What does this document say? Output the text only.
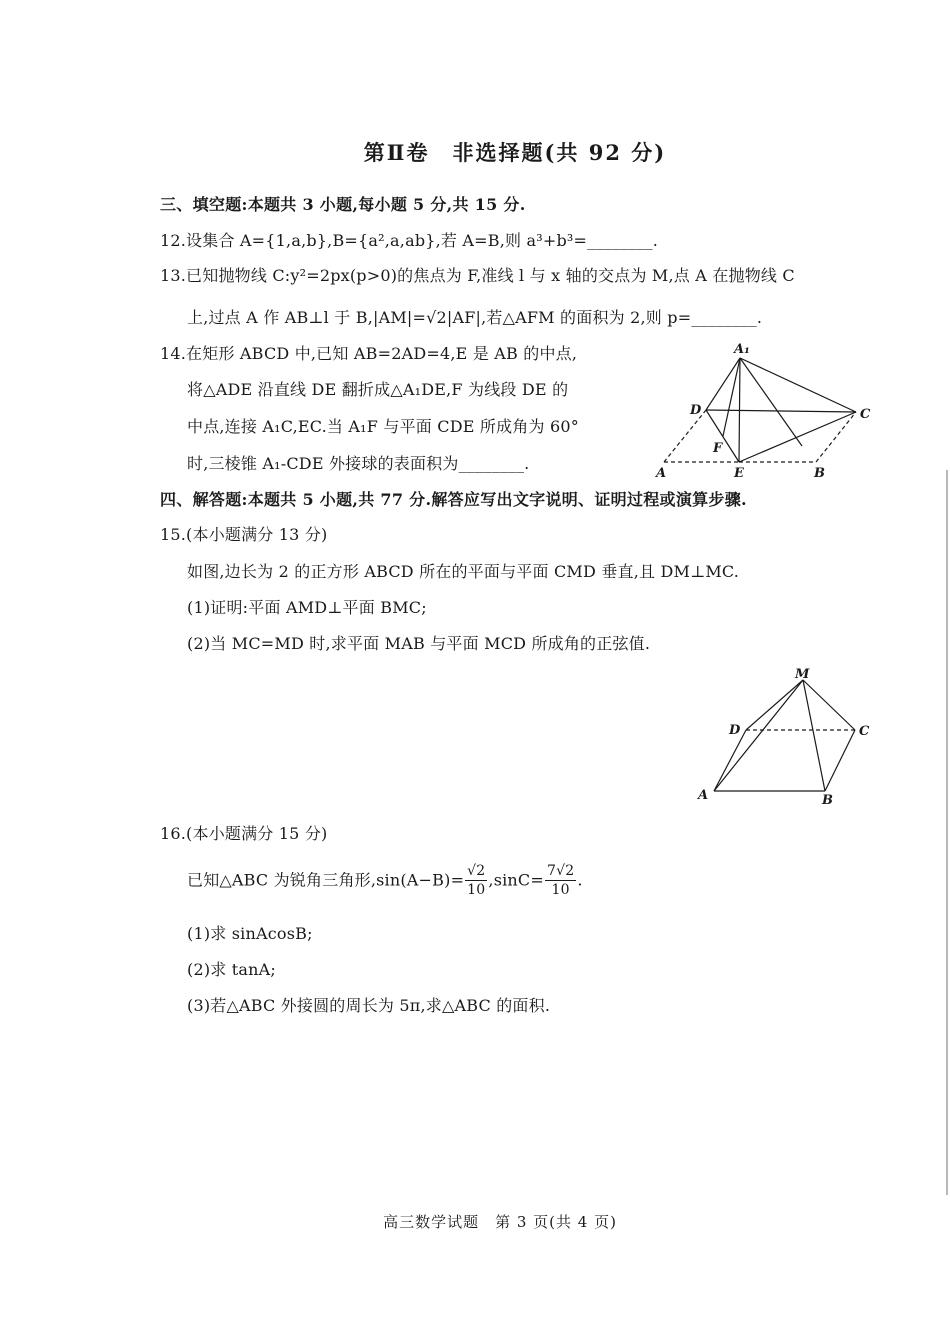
第Ⅱ卷　非选择题(共 92 分)
三、填空题:本题共 3 小题,每小题 5 分,共 15 分.
12.设集合 A={1,a,b},B={a²,a,ab},若 A=B,则 a³+b³=________.
13.已知抛物线 C:y²=2px(p>0)的焦点为 F,准线 l 与 x 轴的交点为 M,点 A 在抛物线 C
上,过点 A 作 AB⊥l 于 B,|AM|=√2|AF|,若△AFM 的面积为 2,则 p=________.
14.在矩形 ABCD 中,已知 AB=2AD=4,E 是 AB 的中点,
将△ADE 沿直线 DE 翻折成△A₁DE,F 为线段 DE 的
中点,连接 A₁C,EC.当 A₁F 与平面 CDE 所成角为 60°
时,三棱锥 A₁-CDE 外接球的表面积为________.
A₁
D	C
F
A	E	B
四、解答题:本题共 5 小题,共 77 分.解答应写出文字说明、证明过程或演算步骤.
15.(本小题满分 13 分)
如图,边长为 2 的正方形 ABCD 所在的平面与平面 CMD 垂直,且 DM⊥MC.
(1)证明:平面 AMD⊥平面 BMC;
(2)当 MC=MD 时,求平面 MAB 与平面 MCD 所成角的正弦值.
M
D	C
A	B
16.(本小题满分 15 分)
已知△ABC 为锐角三角形$,\sin(A-B)= \frac{√2}{10} ,\sin C= \frac{7√2}{10}$ .
(1)求 sinAcosB;
(2)求 tanA;
(3)若△ABC 外接圆的周长为 5π,求△ABC 的面积.
高三数学试题　第 3 页(共 4 页)
